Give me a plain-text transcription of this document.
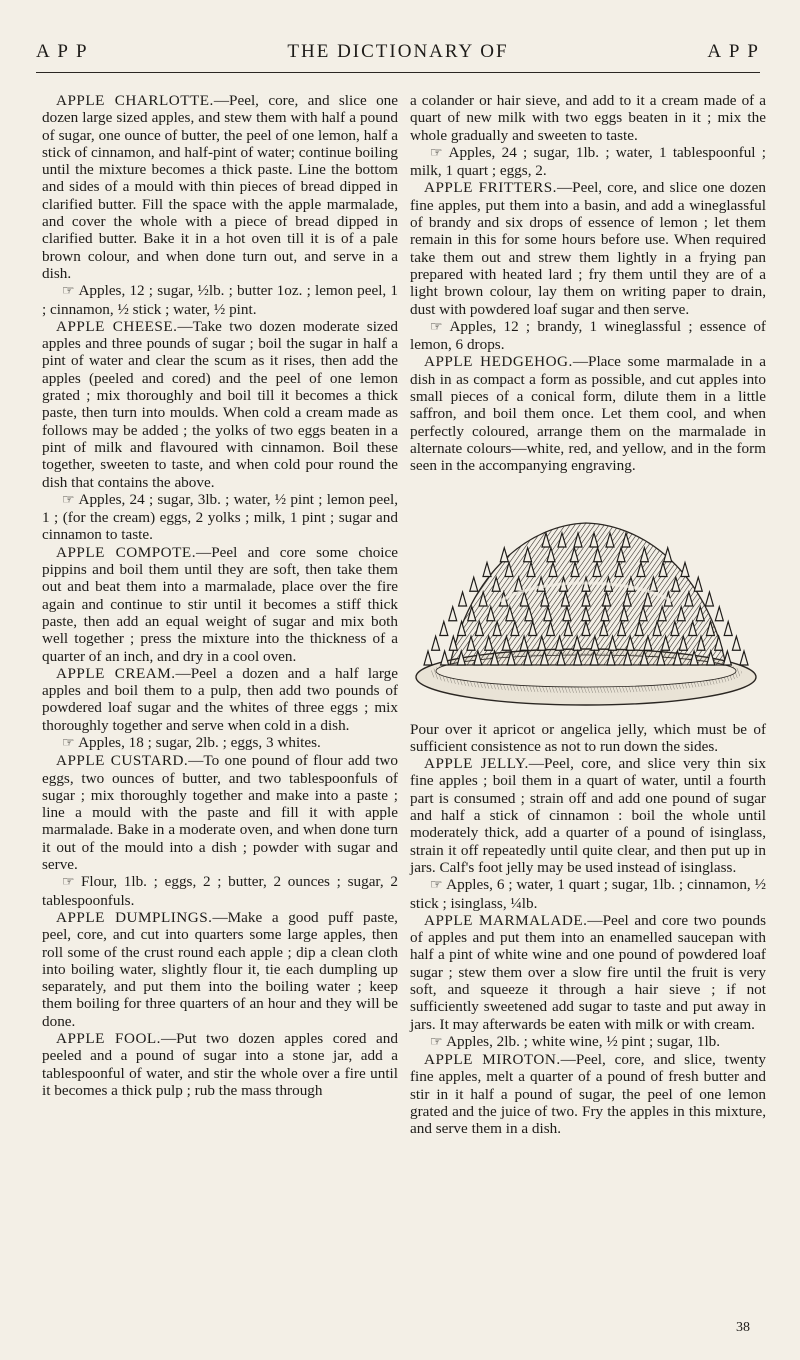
A P P	THE DICTIONARY OF	A P P

APPLE CHARLOTTE.—Peel, core, and slice one dozen large sized apples, and stew them with half a pound of sugar, one ounce of butter, the peel of one lemon, half a stick of cinnamon, and half-pint of water; continue boiling until the mixture becomes a thick paste. Line the bottom and sides of a mould with thin pieces of bread dipped in clarified butter. Fill the space with the apple marmalade, and cover the whole with a piece of bread dipped in clarified butter. Bake it in a hot oven till it is of a pale brown colour, and when done turn out, and serve in a dish.

☞ Apples, 12 ; sugar, ½lb. ; butter 1oz. ; lemon peel, 1 ; cinnamon, ½ stick ; water, ½ pint.

APPLE CHEESE.—Take two dozen moderate sized apples and three pounds of sugar ; boil the sugar in half a pint of water and clear the scum as it rises, then add the apples (peeled and cored) and the peel of one lemon grated ; mix thoroughly and boil till it becomes a thick paste, then turn into moulds. When cold a cream made as follows may be added ; the yolks of two eggs beaten in a pint of milk and flavoured with cinnamon. Boil these together, sweeten to taste, and when cold pour round the dish that contains the above.

☞ Apples, 24 ; sugar, 3lb. ; water, ½ pint ; lemon peel, 1 ; (for the cream) eggs, 2 yolks ; milk, 1 pint ; sugar and cinnamon to taste.

APPLE COMPOTE.—Peel and core some choice pippins and boil them until they are soft, then take them out and beat them into a marmalade, place over the fire again and continue to stir until it becomes a stiff thick paste, then add an equal weight of sugar and mix both well together ; press the mixture into the thickness of a quarter of an inch, and dry in a cool oven.

APPLE CREAM.—Peel a dozen and a half large apples and boil them to a pulp, then add two pounds of powdered loaf sugar and the whites of three eggs ; mix thoroughly together and serve when cold in a dish.

☞ Apples, 18 ; sugar, 2lb. ; eggs, 3 whites.

APPLE CUSTARD.—To one pound of flour add two eggs, two ounces of butter, and two tablespoonfuls of sugar ; mix thoroughly together and make into a paste ; line a mould with the paste and fill it with apple marmalade. Bake in a moderate oven, and when done turn it out of the mould into a dish ; powder with sugar and serve.

☞ Flour, 1lb. ; eggs, 2 ; butter, 2 ounces ; sugar, 2 tablespoonfuls.

APPLE DUMPLINGS.—Make a good puff paste, peel, core, and cut into quarters some large apples, then roll some of the crust round each apple ; dip a clean cloth into boiling water, slightly flour it, tie each dumpling up separately, and put them into the boiling water ; keep them boiling for three quarters of an hour and they will be done.

APPLE FOOL.—Put two dozen apples cored and peeled and a pound of sugar into a stone jar, add a tablespoonful of water, and stir the whole over a fire until it becomes a thick pulp ; rub the mass through

a colander or hair sieve, and add to it a cream made of a quart of new milk with two eggs beaten in it ; mix the whole gradually and sweeten to taste.

☞ Apples, 24 ; sugar, 1lb. ; water, 1 tablespoonful ; milk, 1 quart ; eggs, 2.

APPLE FRITTERS.—Peel, core, and slice one dozen fine apples, put them into a basin, and add a wineglassful of brandy and six drops of essence of lemon ; let them remain in this for some hours before use. When required take them out and strew them lightly in a frying pan prepared with heated lard ; fry them until they are of a light brown colour, lay them on writing paper to drain, dust with powdered loaf sugar and then serve.

☞ Apples, 12 ; brandy, 1 wineglassful ; essence of lemon, 6 drops.

APPLE HEDGEHOG.—Place some marmalade in a dish in as compact a form as possible, and cut apples into small pieces of a conical form, dilute them in a little saffron, and boil them once. Let them cool, and when perfectly coloured, arrange them on the marmalade in alternate colours—white, red, and yellow, and in the form seen in the accompanying engraving.

Pour over it apricot or angelica jelly, which must be of sufficient consistence as not to run down the sides.

APPLE JELLY.—Peel, core, and slice very thin six fine apples ; boil them in a quart of water, until a fourth part is consumed ; strain off and add one pound of sugar and half a stick of cinnamon : boil the whole until moderately thick, add a quarter of a pound of isinglass, strain it off repeatedly until quite clear, and then put up in jars. Calf's foot jelly may be used instead of isinglass.

☞ Apples, 6 ; water, 1 quart ; sugar, 1lb. ; cinnamon, ½ stick ; isinglass, ¼lb.

APPLE MARMALADE.—Peel and core two pounds of apples and put them into an enamelled saucepan with half a pint of white wine and one pound of powdered loaf sugar ; stew them over a slow fire until the fruit is very soft, and squeeze it through a hair sieve ; if not sufficiently sweetened add sugar to taste and put away in jars. It may afterwards be eaten with milk or with cream.

☞ Apples, 2lb. ; white wine, ½ pint ; sugar, 1lb.

APPLE MIROTON.—Peel, core, and slice, twenty fine apples, melt a quarter of a pound of fresh butter and stir in it half a pound of sugar, the peel of one lemon grated and the juice of two. Fry the apples in this mixture, and serve them in a dish.

38
